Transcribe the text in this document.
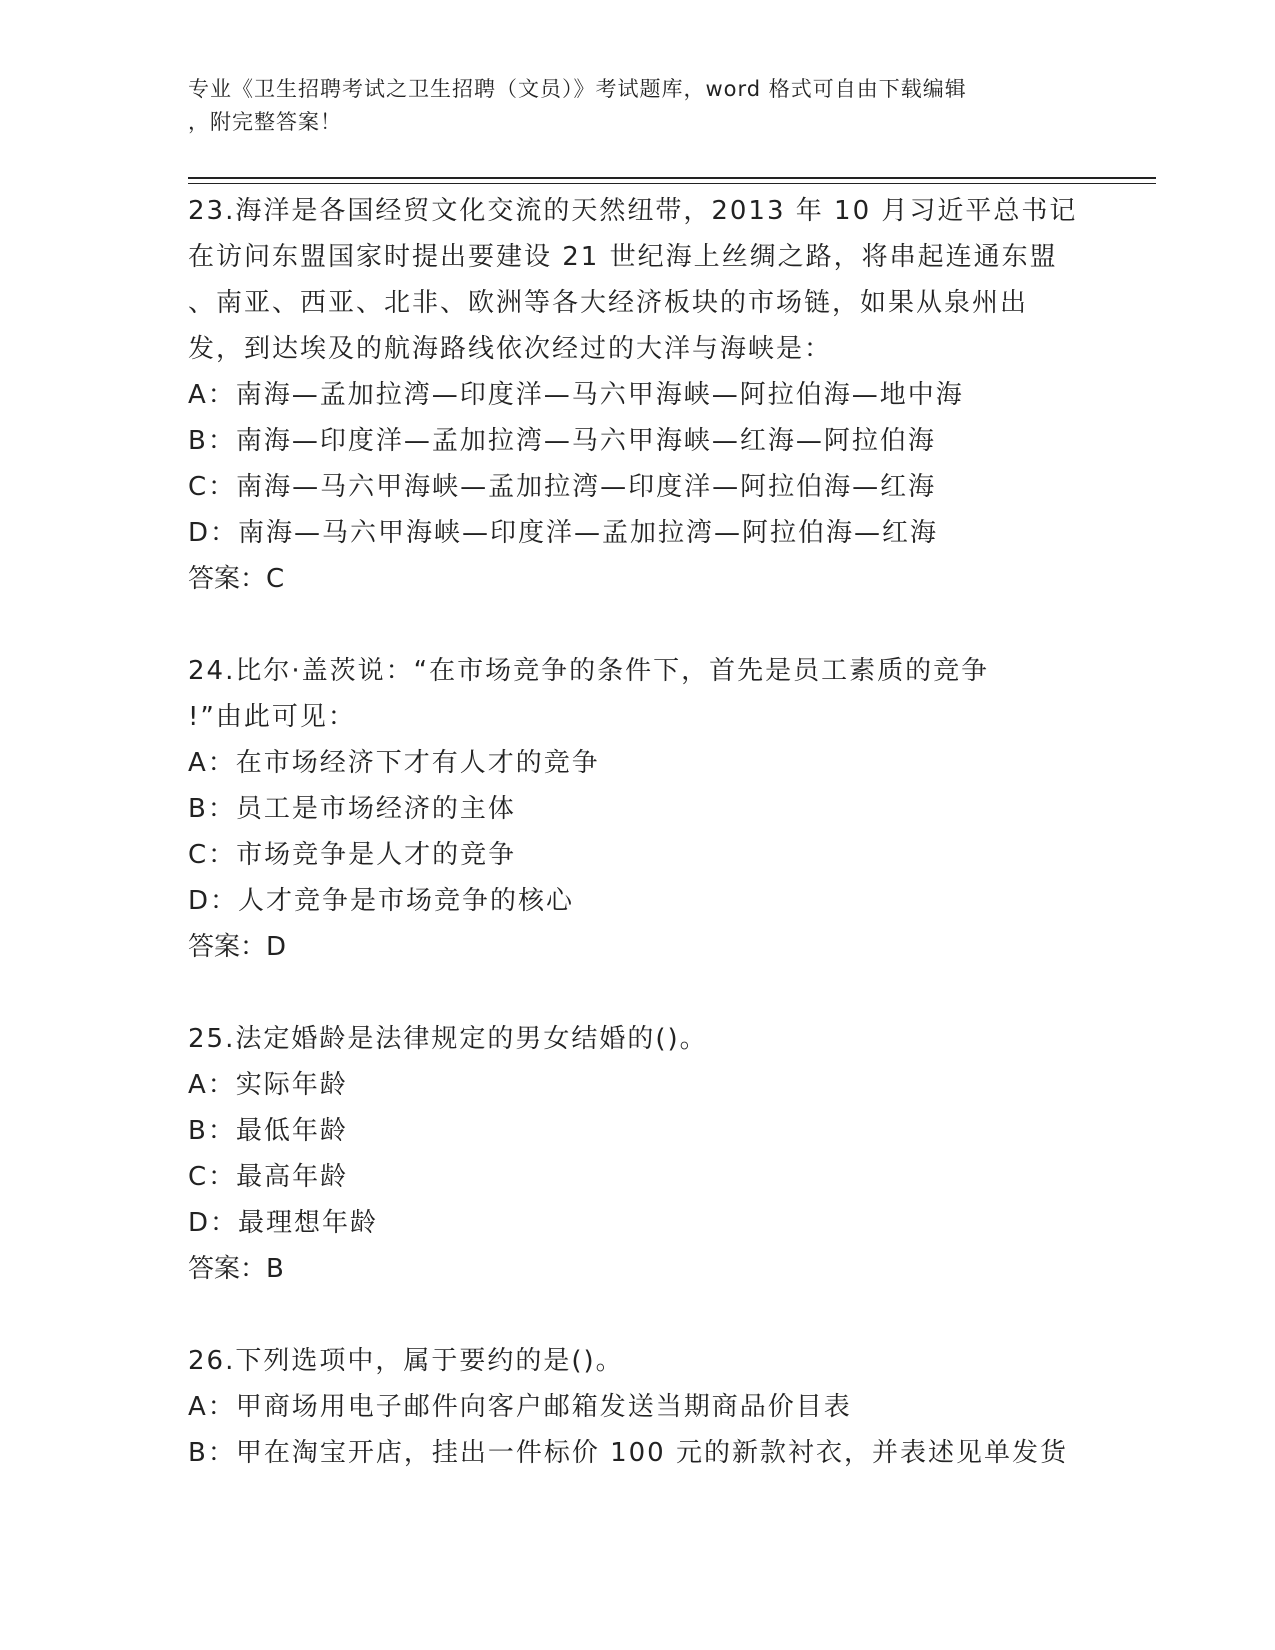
专业《卫生招聘考试之卫生招聘（文员）》考试题库，word 格式可自由下载编辑
，附完整答案！
23.海洋是各国经贸文化交流的天然纽带，2013 年 10 月习近平总书记
在访问东盟国家时提出要建设 21 世纪海上丝绸之路，将串起连通东盟
、南亚、西亚、北非、欧洲等各大经济板块的市场链，如果从泉州出
发，到达埃及的航海路线依次经过的大洋与海峡是：
A：南海—孟加拉湾—印度洋—马六甲海峡—阿拉伯海—地中海
B：南海—印度洋—孟加拉湾—马六甲海峡—红海—阿拉伯海
C：南海—马六甲海峡—孟加拉湾—印度洋—阿拉伯海—红海
D：南海—马六甲海峡—印度洋—孟加拉湾—阿拉伯海—红海
答案：C
24.比尔·盖茨说：“在市场竞争的条件下，首先是员工素质的竞争
!”由此可见：
A：在市场经济下才有人才的竞争
B：员工是市场经济的主体
C：市场竞争是人才的竞争
D：人才竞争是市场竞争的核心
答案：D
25.法定婚龄是法律规定的男女结婚的()。
A：实际年龄
B：最低年龄
C：最高年龄
D：最理想年龄
答案：B
26.下列选项中，属于要约的是()。
A：甲商场用电子邮件向客户邮箱发送当期商品价目表
B：甲在淘宝开店，挂出一件标价 100 元的新款衬衣，并表述见单发货
